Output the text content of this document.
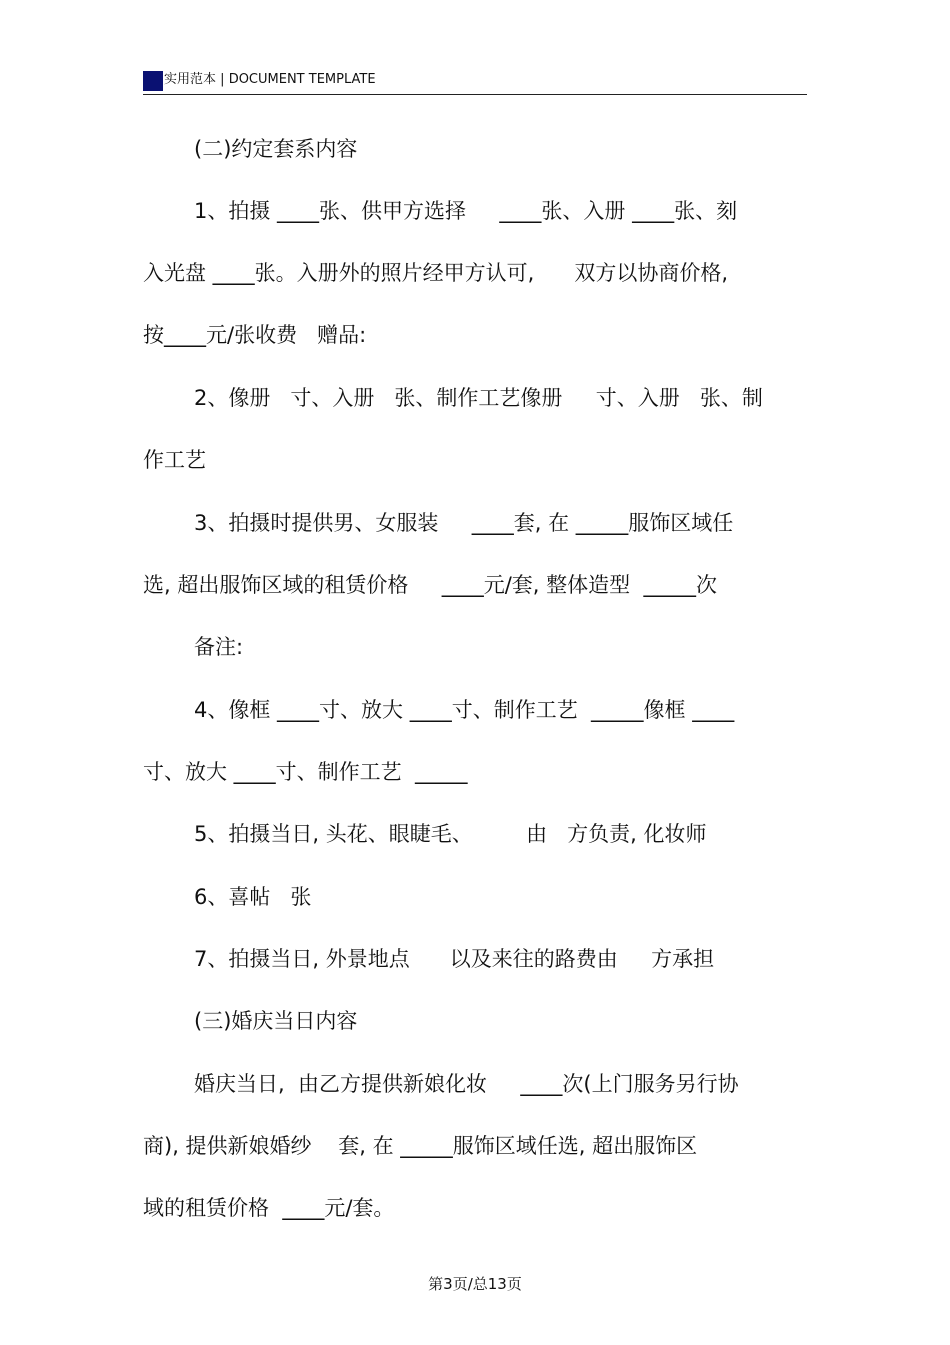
实用范本 | DOCUMENT TEMPLATE
(二)约定套系内容
1、拍摄 ____张、供甲方选择     ____张、入册 ____张、刻
入光盘 ____张。入册外的照片经甲方认可,      双方以协商价格,
按____元/张收费   赠品:
2、像册   寸、入册   张、制作工艺像册     寸、入册   张、制
作工艺
3、拍摄时提供男、女服装     ____套, 在 _____服饰区域任
选, 超出服饰区域的租赁价格     ____元/套, 整体造型  _____次
备注:
4、像框 ____寸、放大 ____寸、制作工艺  _____像框 ____
寸、放大 ____寸、制作工艺  _____
5、拍摄当日, 头花、眼睫毛、        由   方负责, 化妆师
6、喜帖   张
7、拍摄当日, 外景地点      以及来往的路费由     方承担
(三)婚庆当日内容
婚庆当日,  由乙方提供新娘化妆     ____次(上门服务另行协
商), 提供新娘婚纱    套, 在 _____服饰区域任选, 超出服饰区
域的租赁价格  ____元/套。
第3页/总13页
